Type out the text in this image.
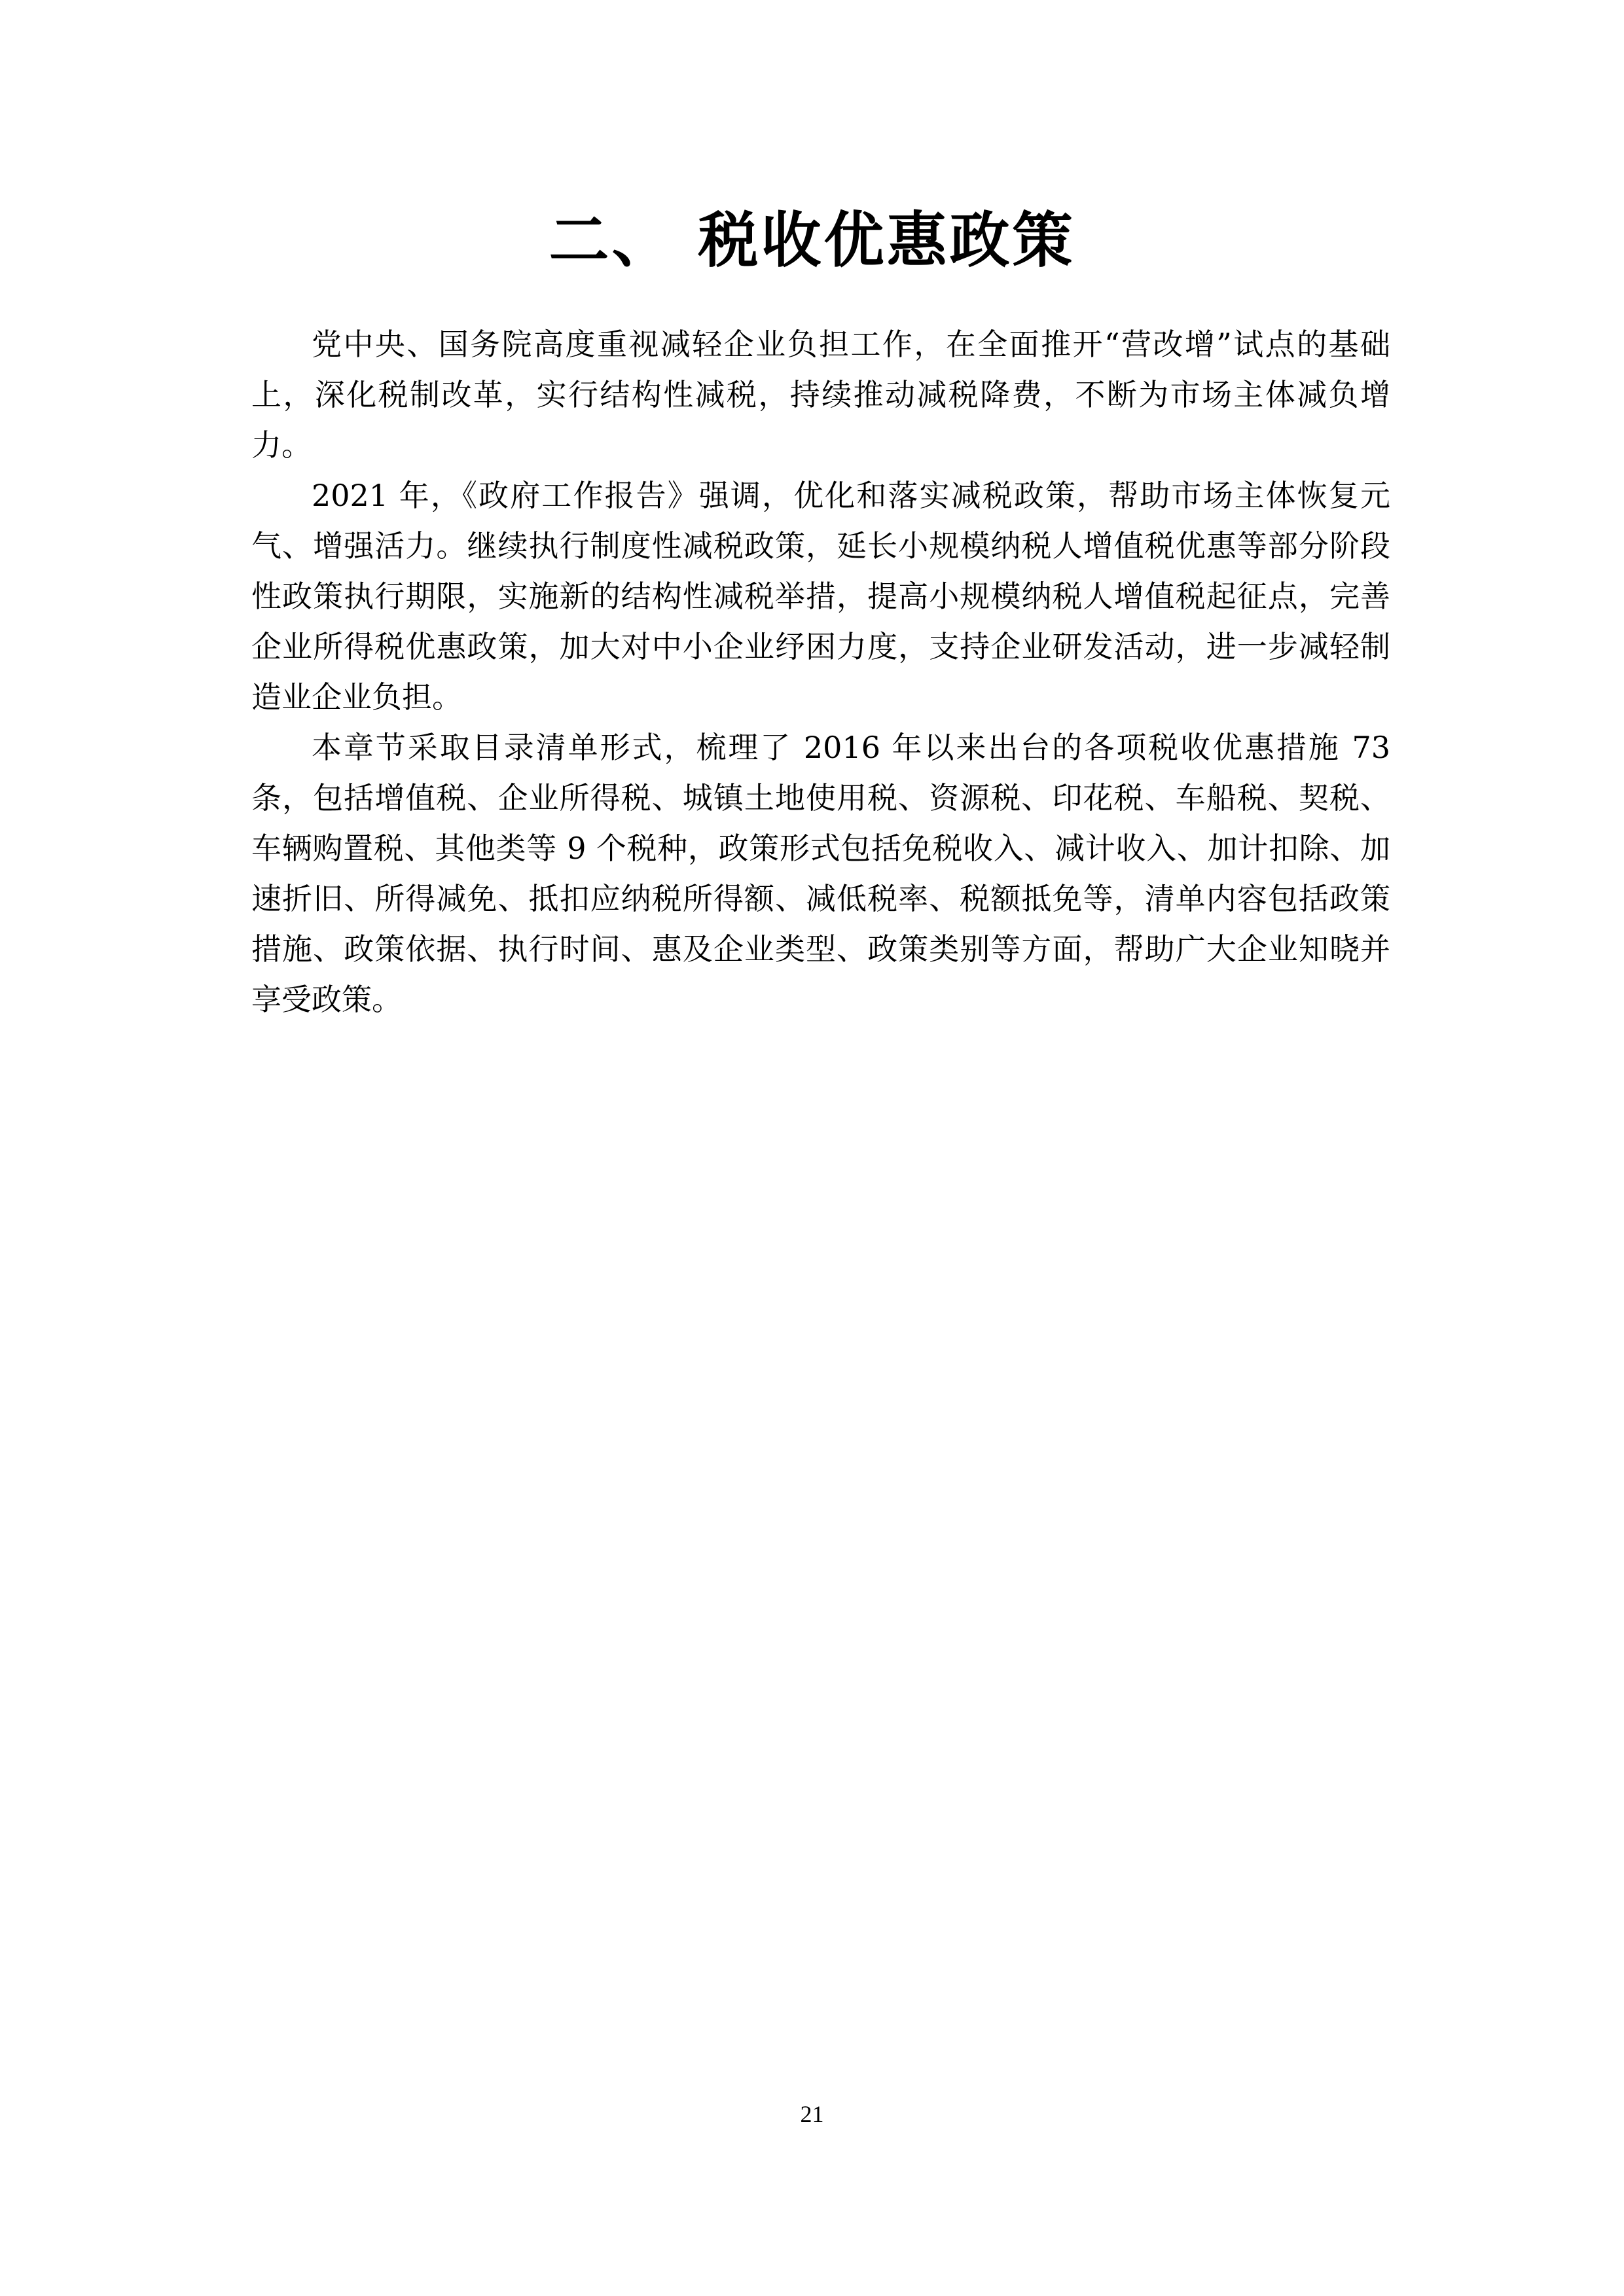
二、 税收优惠政策

党中央、国务院高度重视减轻企业负担工作，在全面推开“营改增”试点的基础上，深化税制改革，实行结构性减税，持续推动减税降费，不断为市场主体减负增力。

2021 年，《政府工作报告》强调，优化和落实减税政策，帮助市场主体恢复元气、增强活力。继续执行制度性减税政策，延长小规模纳税人增值税优惠等部分阶段性政策执行期限，实施新的结构性减税举措，提高小规模纳税人增值税起征点，完善企业所得税优惠政策，加大对中小企业纾困力度，支持企业研发活动，进一步减轻制造业企业负担。

本章节采取目录清单形式，梳理了 2016 年以来出台的各项税收优惠措施 73 条，包括增值税、企业所得税、城镇土地使用税、资源税、印花税、车船税、契税、车辆购置税、其他类等 9 个税种，政策形式包括免税收入、减计收入、加计扣除、加速折旧、所得减免、抵扣应纳税所得额、减低税率、税额抵免等，清单内容包括政策措施、政策依据、执行时间、惠及企业类型、政策类别等方面，帮助广大企业知晓并享受政策。

21
